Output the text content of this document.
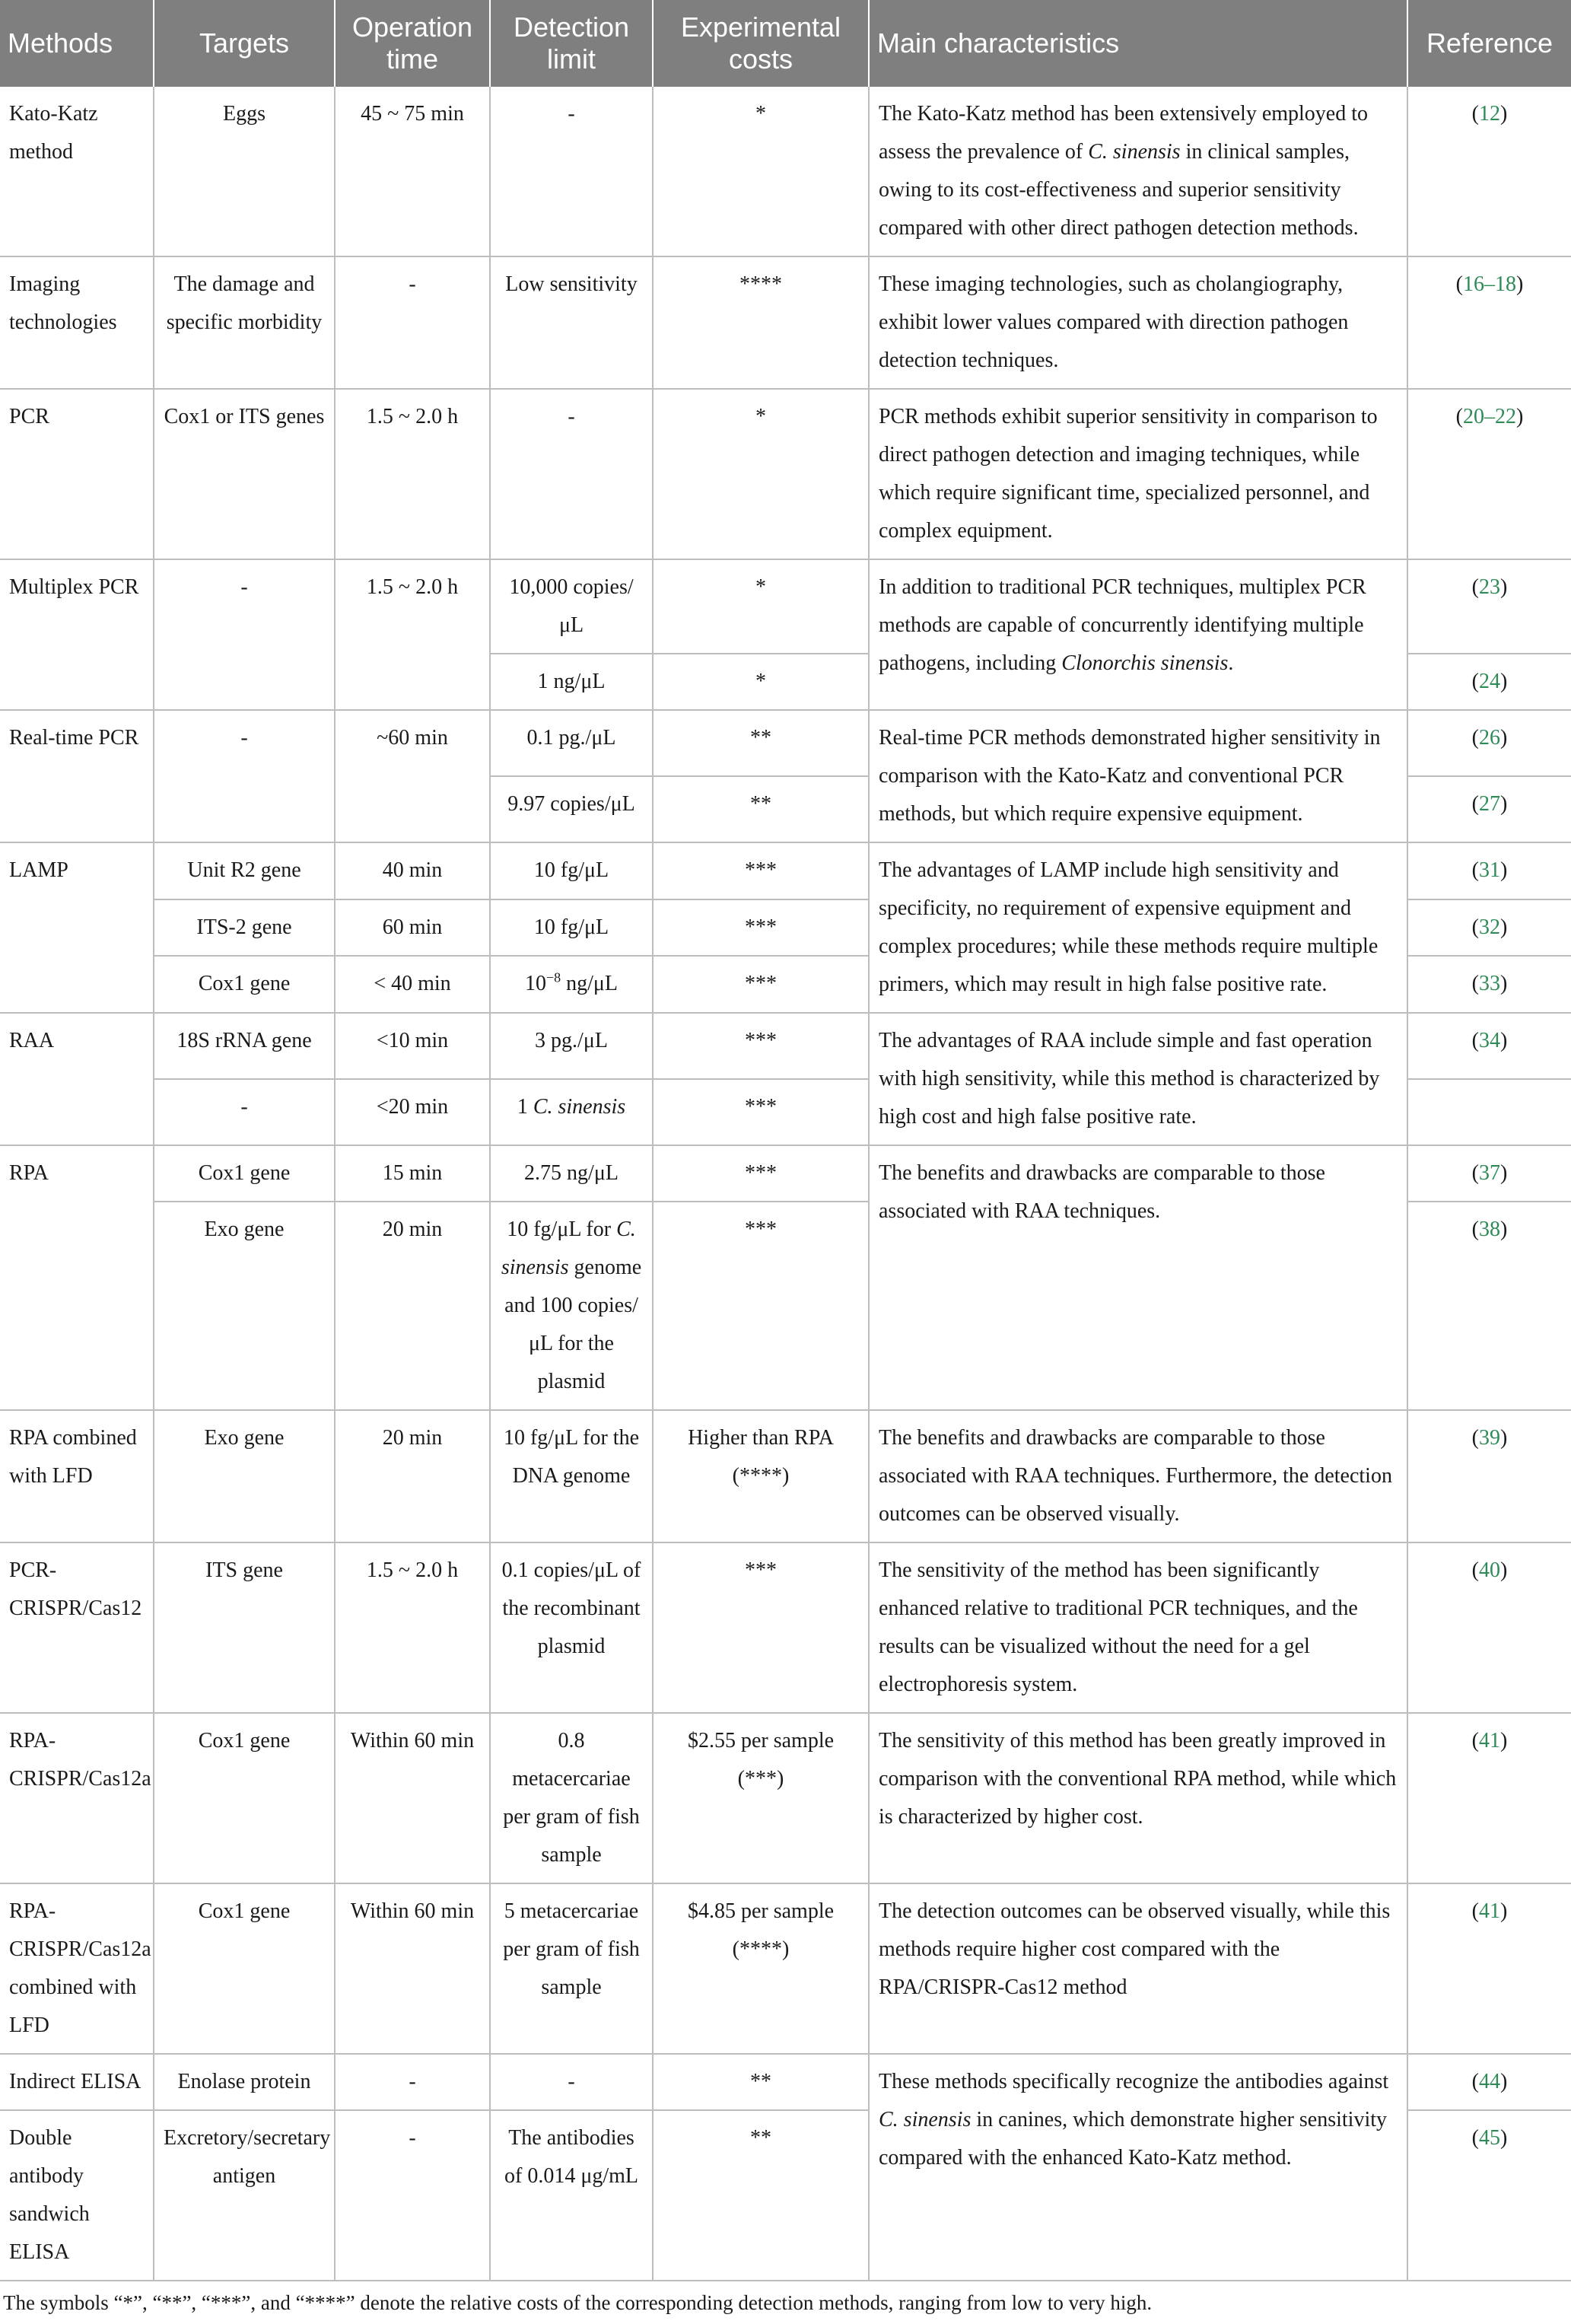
Methods	Targets	Operation time	Detection limit	Experimental costs	Main characteristics	Reference
Kato-Katz method	Eggs	45 ~ 75 min	-	*	The Kato-Katz method has been extensively employed to assess the prevalence of C. sinensis in clinical samples, owing to its cost-effectiveness and superior sensitivity compared with other direct pathogen detection methods.	(12)
Imaging technologies	The damage and specific morbidity	-	Low sensitivity	****	These imaging technologies, such as cholangiography, exhibit lower values compared with direction pathogen detection techniques.	(16–18)
PCR	Cox1 or ITS genes	1.5 ~ 2.0 h	-	*	PCR methods exhibit superior sensitivity in comparison to direct pathogen detection and imaging techniques, while which require significant time, specialized personnel, and complex equipment.	(20–22)
Multiplex PCR	-	1.5 ~ 2.0 h	10,000 copies/μL	*	In addition to traditional PCR techniques, multiplex PCR methods are capable of concurrently identifying multiple pathogens, including Clonorchis sinensis.	(23)
			1 ng/μL	*		(24)
Real-time PCR	-	~60 min	0.1 pg./μL	**	Real-time PCR methods demonstrated higher sensitivity in comparison with the Kato-Katz and conventional PCR methods, but which require expensive equipment.	(26)
			9.97 copies/μL	**		(27)
LAMP	Unit R2 gene	40 min	10 fg/μL	***	The advantages of LAMP include high sensitivity and specificity, no requirement of expensive equipment and complex procedures; while these methods require multiple primers, which may result in high false positive rate.	(31)
	ITS-2 gene	60 min	10 fg/μL	***		(32)
	Cox1 gene	< 40 min	$10^{-8}$ ng/μL	***		(33)
RAA	18S rRNA gene	<10 min	3 pg./μL	***	The advantages of RAA include simple and fast operation with high sensitivity, while this method is characterized by high cost and high false positive rate.	(34)
	-	<20 min	1 C. sinensis	***		
RPA	Cox1 gene	15 min	2.75 ng/μL	***	The benefits and drawbacks are comparable to those associated with RAA techniques.	(37)
	Exo gene	20 min	10 fg/μL for C. sinensis genome and 100 copies/μL for the plasmid	***		(38)
RPA combined with LFD	Exo gene	20 min	10 fg/μL for the DNA genome	Higher than RPA (****)	The benefits and drawbacks are comparable to those associated with RAA techniques. Furthermore, the detection outcomes can be observed visually.	(39)
PCR-CRISPR/Cas12	ITS gene	1.5 ~ 2.0 h	0.1 copies/μL of the recombinant plasmid	***	The sensitivity of the method has been significantly enhanced relative to traditional PCR techniques, and the results can be visualized without the need for a gel electrophoresis system.	(40)
RPA-CRISPR/Cas12a	Cox1 gene	Within 60 min	0.8 metacercariae per gram of fish sample	$2.55 per sample (***)	The sensitivity of this method has been greatly improved in comparison with the conventional RPA method, while which is characterized by higher cost.	(41)
RPA-CRISPR/Cas12a combined with LFD	Cox1 gene	Within 60 min	5 metacercariae per gram of fish sample	$4.85 per sample (****)	The detection outcomes can be observed visually, while this methods require higher cost compared with the RPA/CRISPR-Cas12 method	(41)
Indirect ELISA	Enolase protein	-	-	**	These methods specifically recognize the antibodies against C. sinensis in canines, which demonstrate higher sensitivity compared with the enhanced Kato-Katz method.	(44)
Double antibody sandwich ELISA	Excretory/secretary antigen	-	The antibodies of 0.014 μg/mL	**		(45)
The symbols “*”, “**”, “***”, and “****” denote the relative costs of the corresponding detection methods, ranging from low to very high.
